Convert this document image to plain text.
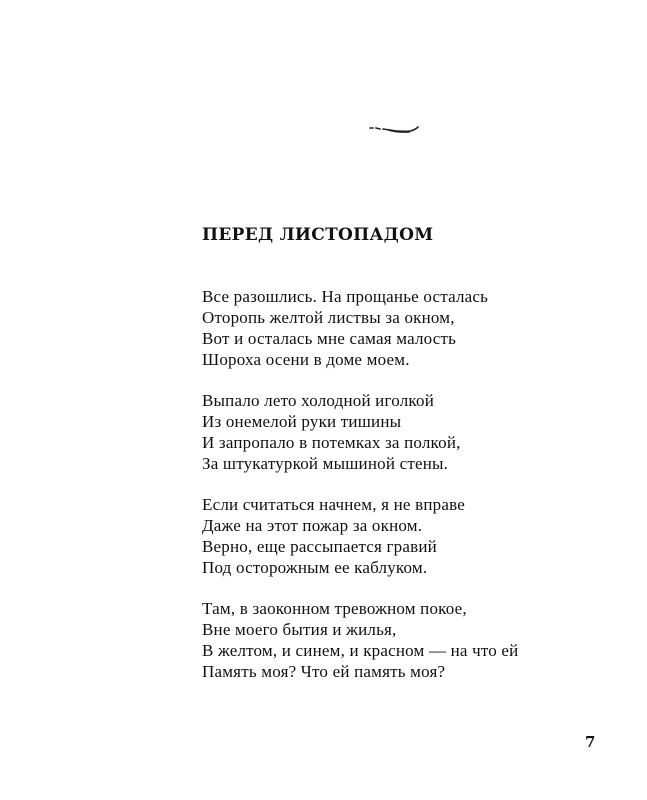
ПЕРЕД ЛИСТОПАДОМ
Все разошлись. На прощанье осталась
Оторопь желтой листвы за окном,
Вот и осталась мне самая малость
Шороха осени в доме моем.
Выпало лето холодной иголкой
Из онемелой руки тишины
И запропало в потемках за полкой,
За штукатуркой мышиной стены.
Если считаться начнем, я не вправе
Даже на этот пожар за окном.
Верно, еще рассыпается гравий
Под осторожным ее каблуком.
Там, в заоконном тревожном покое,
Вне моего бытия и жилья,
В желтом, и синем, и красном — на что ей
Память моя? Что ей память моя?
7
